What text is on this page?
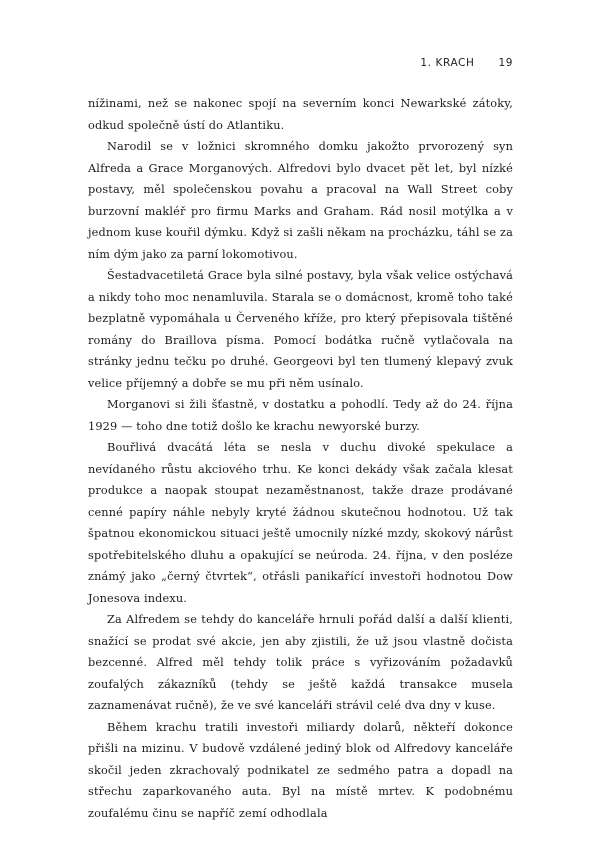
1. KRACH 19

nížinami, než se nakonec spojí na severním konci Newarkské zátoky, odkud společně ústí do Atlantiku.

Narodil se v ložnici skromného domku jakožto prvorozený syn Alfreda a Grace Morganových. Alfredovi bylo dvacet pět let, byl nízké postavy, měl společenskou povahu a pracoval na Wall Street coby burzovní makléř pro firmu Marks and Graham. Rád nosil motýlka a v jednom kuse kouřil dýmku. Když si zašli někam na procházku, táhl se za ním dým jako za parní lokomotivou.

Šestadvacetiletá Grace byla silné postavy, byla však velice ostýchavá a nikdy toho moc nenamluvila. Starala se o domácnost, kromě toho také bezplatně vypomáhala u Červeného kříže, pro který přepisovala tištěné romány do Braillova písma. Pomocí bodátka ručně vytlačovala na stránky jednu tečku po druhé. Georgeovi byl ten tlumený klepavý zvuk velice příjemný a dobře se mu při něm usínalo.

Morganovi si žili šťastně, v dostatku a pohodlí. Tedy až do 24. října 1929 — toho dne totiž došlo ke krachu newyorské burzy.

Bouřlivá dvacátá léta se nesla v duchu divoké spekulace a nevídaného růstu akciového trhu. Ke konci dekády však začala klesat produkce a naopak stoupat nezaměstnanost, takže draze prodávané cenné papíry náhle nebyly kryté žádnou skutečnou hodnotou. Už tak špatnou ekonomickou situaci ještě umocnily nízké mzdy, skokový nárůst spotřebitelského dluhu a opakující se neúroda. 24. října, v den posléze známý jako „černý čtvrtek“, otřásli panikařící investoři hodnotou Dow Jonesova indexu.

Za Alfredem se tehdy do kanceláře hrnuli pořád další a další klienti, snažící se prodat své akcie, jen aby zjistili, že už jsou vlastně dočista bezcenné. Alfred měl tehdy tolik práce s vyřizováním požadavků zoufalých zákazníků (tehdy se ještě každá transakce musela zaznamenávat ručně), že ve své kanceláři strávil celé dva dny v kuse.

Během krachu tratili investoři miliardy dolarů, někteří dokonce přišli na mizinu. V budově vzdálené jediný blok od Alfredovy kanceláře skočil jeden zkrachovalý podnikatel ze sedmého patra a dopadl na střechu zaparkovaného auta. Byl na místě mrtev. K podobnému zoufalému činu se napříč zemí odhodlala
